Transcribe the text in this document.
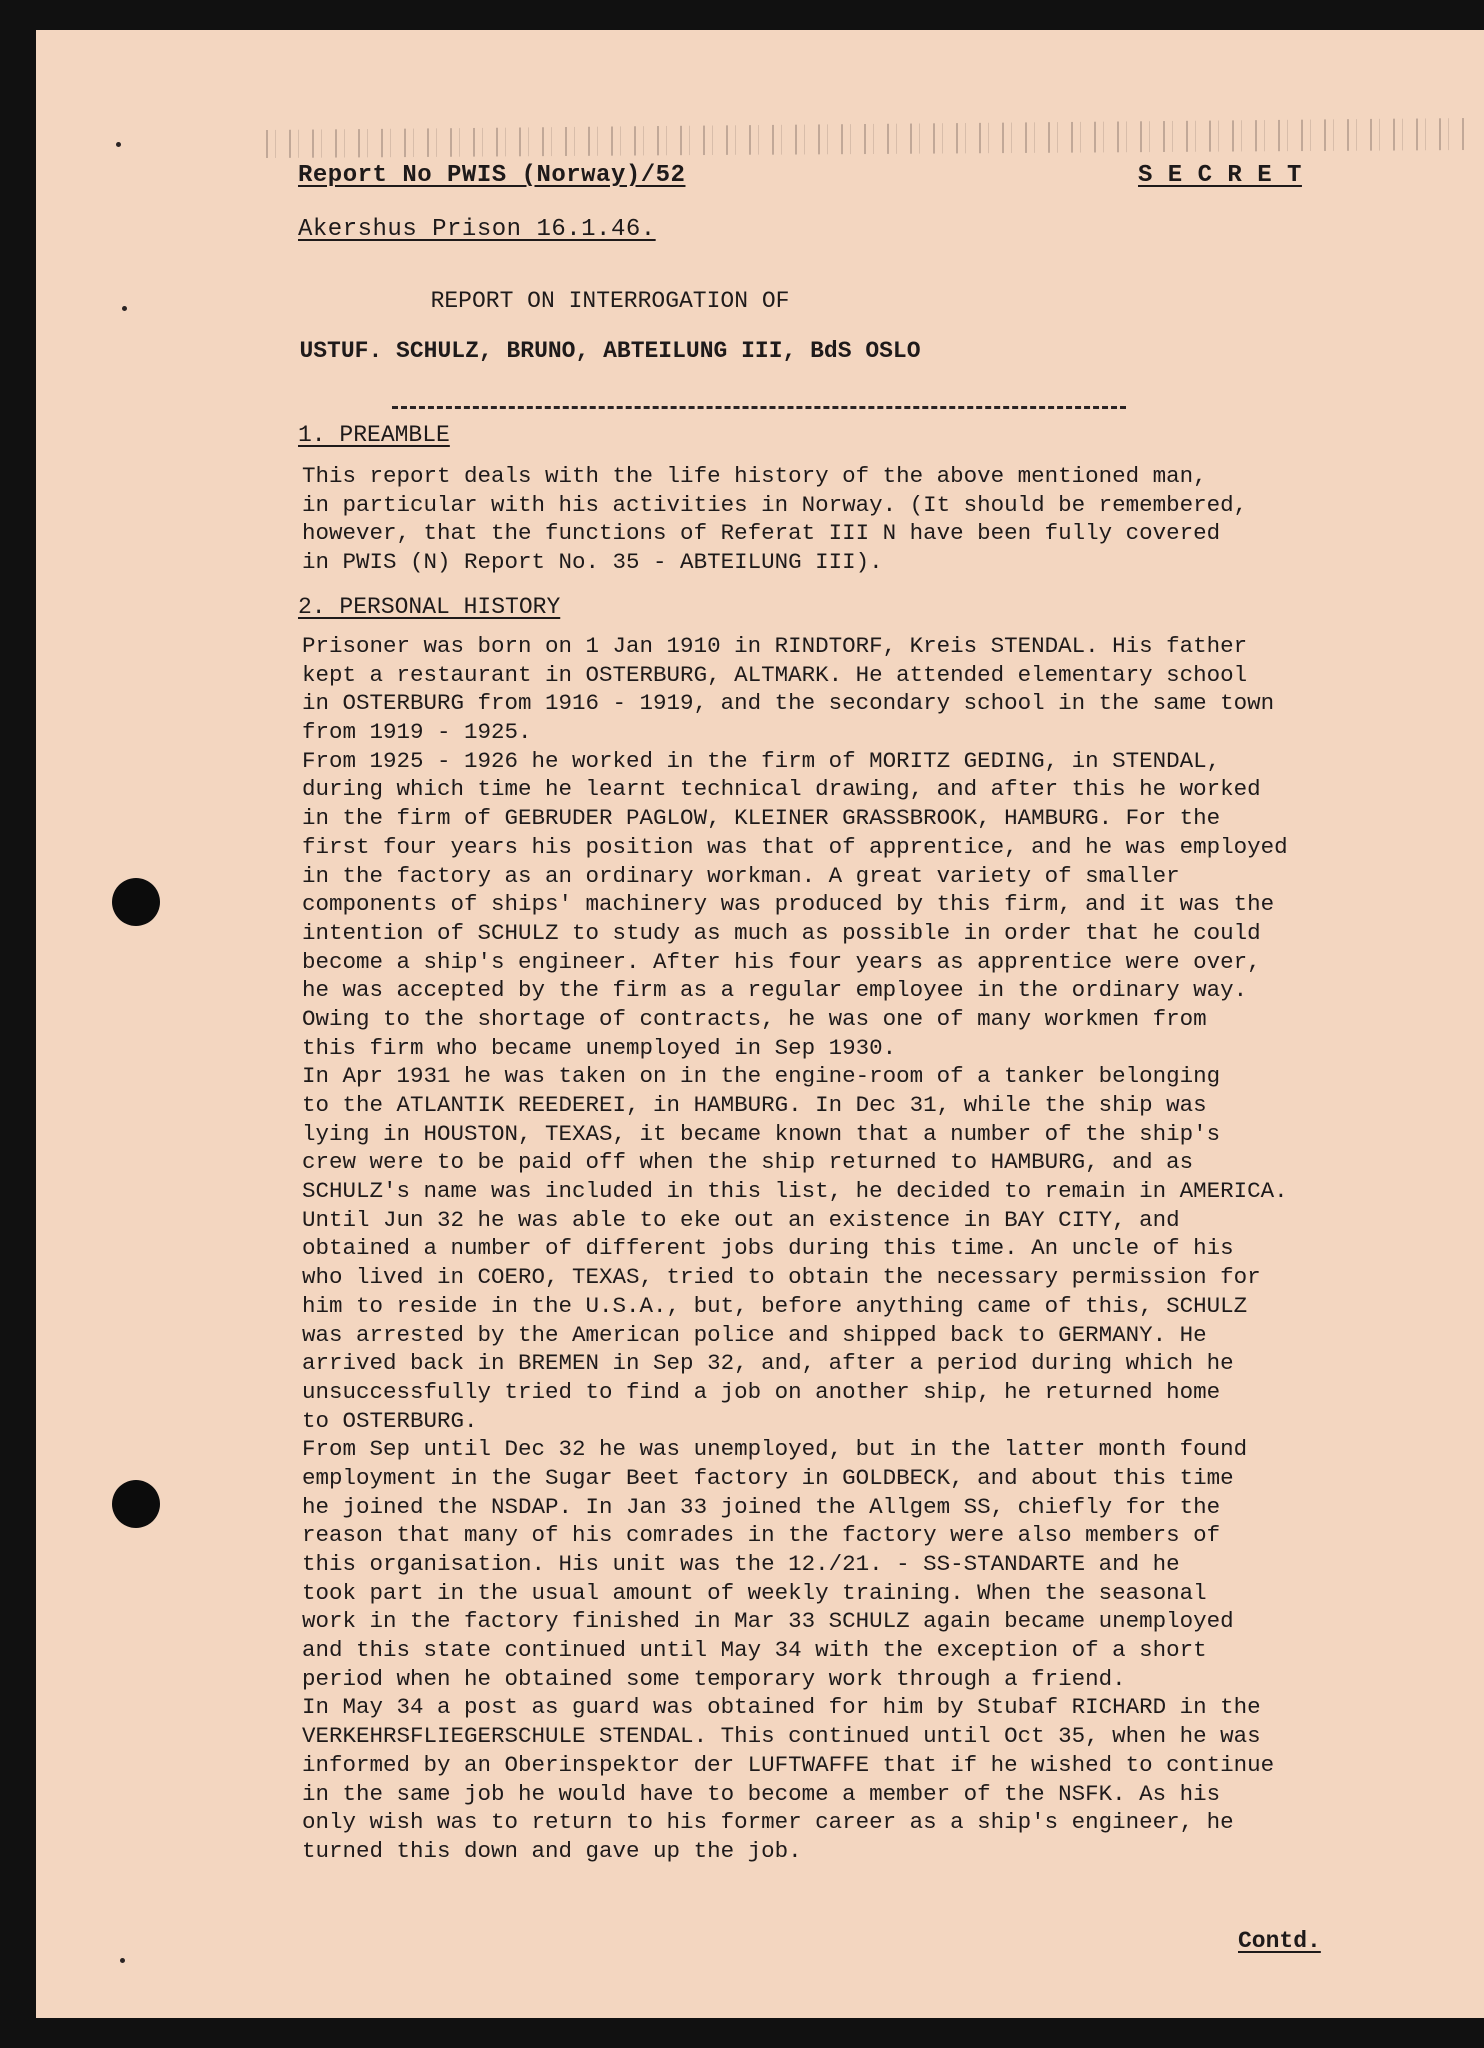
Report No PWIS (Norway)/52	S E C R E T
Akershus Prison 16.1.46.
REPORT ON INTERROGATION OF
USTUF. SCHULZ, BRUNO, ABTEILUNG III, BdS OSLO
1. PREAMBLE
This report deals with the life history of the above mentioned man,
in particular with his activities in Norway. (It should be remembered,
however, that the functions of Referat III N have been fully covered
in PWIS (N) Report No. 35 - ABTEILUNG III).
2. PERSONAL HISTORY
Prisoner was born on 1 Jan 1910 in RINDTORF, Kreis STENDAL. His father
kept a restaurant in OSTERBURG, ALTMARK. He attended elementary school
in OSTERBURG from 1916 - 1919, and the secondary school in the same town
from 1919 - 1925.
From 1925 - 1926 he worked in the firm of MORITZ GEDING, in STENDAL,
during which time he learnt technical drawing, and after this he worked
in the firm of GEBRUDER PAGLOW, KLEINER GRASSBROOK, HAMBURG. For the
first four years his position was that of apprentice, and he was employed
in the factory as an ordinary workman. A great variety of smaller
components of ships' machinery was produced by this firm, and it was the
intention of SCHULZ to study as much as possible in order that he could
become a ship's engineer. After his four years as apprentice were over,
he was accepted by the firm as a regular employee in the ordinary way.
Owing to the shortage of contracts, he was one of many workmen from
this firm who became unemployed in Sep 1930.
In Apr 1931 he was taken on in the engine-room of a tanker belonging
to the ATLANTIK REEDEREI, in HAMBURG. In Dec 31, while the ship was
lying in HOUSTON, TEXAS, it became known that a number of the ship's
crew were to be paid off when the ship returned to HAMBURG, and as
SCHULZ's name was included in this list, he decided to remain in AMERICA.
Until Jun 32 he was able to eke out an existence in BAY CITY, and
obtained a number of different jobs during this time. An uncle of his
who lived in COERO, TEXAS, tried to obtain the necessary permission for
him to reside in the U.S.A., but, before anything came of this, SCHULZ
was arrested by the American police and shipped back to GERMANY. He
arrived back in BREMEN in Sep 32, and, after a period during which he
unsuccessfully tried to find a job on another ship, he returned home
to OSTERBURG.
From Sep until Dec 32 he was unemployed, but in the latter month found
employment in the Sugar Beet factory in GOLDBECK, and about this time
he joined the NSDAP. In Jan 33 joined the Allgem SS, chiefly for the
reason that many of his comrades in the factory were also members of
this organisation. His unit was the 12./21. - SS-STANDARTE and he
took part in the usual amount of weekly training. When the seasonal
work in the factory finished in Mar 33 SCHULZ again became unemployed
and this state continued until May 34 with the exception of a short
period when he obtained some temporary work through a friend.
In May 34 a post as guard was obtained for him by Stubaf RICHARD in the
VERKEHRSFLIEGERSCHULE STENDAL. This continued until Oct 35, when he was
informed by an Oberinspektor der LUFTWAFFE that if he wished to continue
in the same job he would have to become a member of the NSFK. As his
only wish was to return to his former career as a ship's engineer, he
turned this down and gave up the job.
Contd.
